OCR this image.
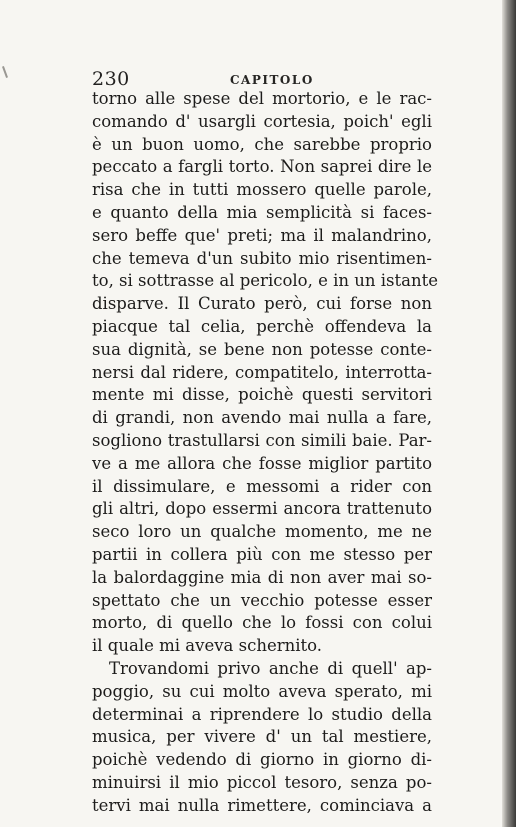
230	CAPITOLO
torno alle spese del mortorio, e le rac-
comando d' usargli cortesia, poich' egli
è un buon uomo, che sarebbe proprio
peccato a fargli torto. Non saprei dire le
risa che in tutti mossero quelle parole,
e quanto della mia semplicità si faces-
sero beffe que' preti; ma il malandrino,
che temeva d'un subito mio risentimen-
to, si sottrasse al pericolo, e in un istante
disparve. Il Curato però, cui forse non
piacque tal celia, perchè offendeva la
sua dignità, se bene non potesse conte-
nersi dal ridere, compatitelo, interrotta-
mente mi disse, poichè questi servitori
di grandi, non avendo mai nulla a fare,
sogliono trastullarsi con simili baie. Par-
ve a me allora che fosse miglior partito
il dissimulare, e messomi a rider con
gli altri, dopo essermi ancora trattenuto
seco loro un qualche momento, me ne
partii in collera più con me stesso per
la balordaggine mia di non aver mai so-
spettato che un vecchio potesse esser
morto, di quello che lo fossi con colui
il quale mi aveva schernito.
Trovandomi privo anche di quell' ap-
poggio, su cui molto aveva sperato, mi
determinai a riprendere lo studio della
musica, per vivere d' un tal mestiere,
poichè vedendo di giorno in giorno di-
minuirsi il mio piccol tesoro, senza po-
tervi mai nulla rimettere, cominciava a
